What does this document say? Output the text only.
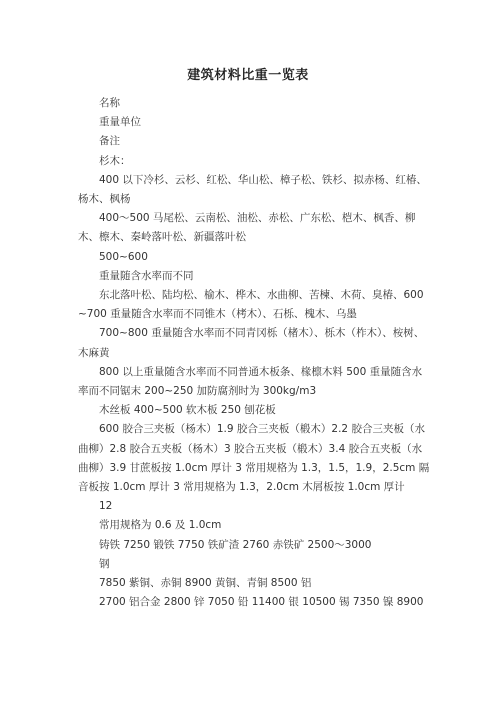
建筑材料比重一览表

名称

重量单位

备注

杉木：

400 以下冷杉、云杉、红松、华山松、樟子松、铁杉、拟赤杨、红椿、杨木、枫杨

400～500 马尾松、云南松、油松、赤松、广东松、桤木、枫香、柳木、檫木、秦岭落叶松、新疆落叶松

500~600

重量随含水率而不同

东北落叶松、陆均松、榆木、桦木、水曲柳、苦楝、木荷、臭椿、600~700 重量随含水率而不同锥木（栲木）、石栎、槐木、乌墨

700~800 重量随含水率而不同青冈栎（楮木）、栎木（柞木）、桉树、木麻黄

800 以上重量随含水率而不同普通木板条、椽檩木料 500 重量随含水率而不同锯末 200~250 加防腐剂时为 300kg/m3

木丝板 400~500 软木板 250 刨花板

600 胶合三夹板（杨木）1.9 胶合三夹板（椴木）2.2 胶合三夹板（水曲柳）2.8 胶合五夹板（杨木）3 胶合五夹板（椴木）3.4 胶合五夹板（水曲柳）3.9 甘蔗板按 1.0cm 厚计 3 常用规格为 1.3，1.5，1.9，2.5cm 隔音板按 1.0cm 厚计 3 常用规格为 1.3，2.0cm 木屑板按 1.0cm 厚计

12

常用规格为 0.6 及 1.0cm

铸铁 7250 锻铁 7750 铁矿渣 2760 赤铁矿 2500～3000

钢

7850 紫铜、赤铜 8900 黄铜、青铜 8500 铝

2700 铝合金 2800 锌 7050 铅 11400 银 10500 锡 7350 镍 8900
